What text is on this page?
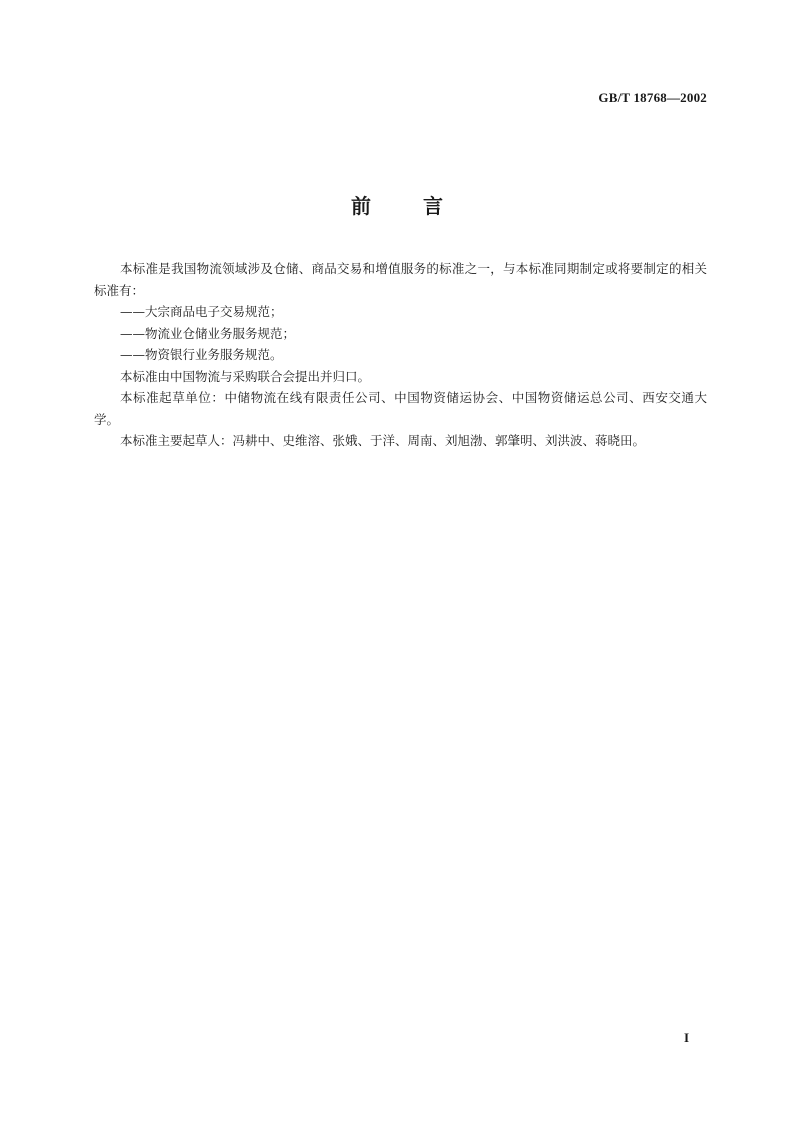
GB/T 18768—2002
前	言

本标准是我国物流领域涉及仓储、商品交易和增值服务的标准之一，与本标准同期制定或将要制定的相关标准有：

——大宗商品电子交易规范；

——物流业仓储业务服务规范；

——物资银行业务服务规范。

本标准由中国物流与采购联合会提出并归口。

本标准起草单位：中储物流在线有限责任公司、中国物资储运协会、中国物资储运总公司、西安交通大学。

本标准主要起草人：冯耕中、史维溶、张娥、于洋、周南、刘旭渤、郭肇明、刘洪波、蒋晓田。

I
